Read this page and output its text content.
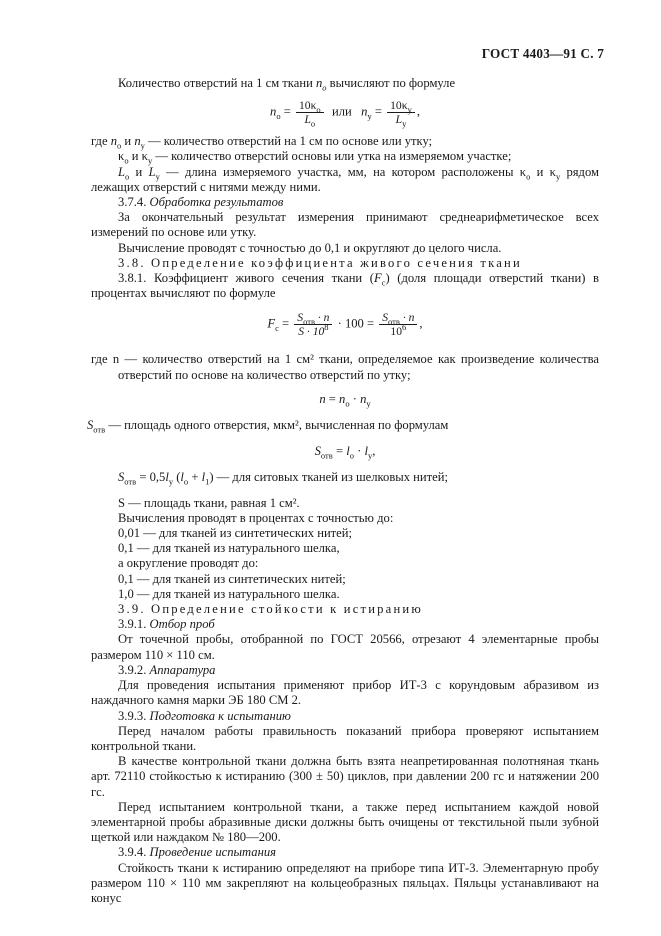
ГОСТ 4403—91 С. 7

Количество отверстий на 1 см ткани $n_о$ вычисляют по формуле

$n_о = \frac{10\kappa_о}{L_о}$ или $n_у = \frac{10\kappa_у}{L_у}$ ,

где $n_о$ и $n_у$ — количество отверстий на 1 см по основе или утку;

$\kappa_о$ и $\kappa_у$ — количество отверстий основы или утка на измеряемом участке;

$L_о$ и $L_у$ — длина измеряемого участка, мм, на котором расположены $\kappa_о$ и $\kappa_у$ рядом лежащих отверстий с нитями между ними.

3.7.4. Обработка результатов

За окончательный результат измерения принимают среднеарифметическое всех измерений по основе или утку.

Вычисление проводят с точностью до 0,1 и округляют до целого числа.

3.8. Определение коэффициента живого сечения ткани

3.8.1. Коэффициент живого сечения ткани $(F_с)$ (доля площади отверстий ткани) в процентах вычисляют по формуле

$F_с = \frac{S_{отв} \cdot n}{S \cdot 10^8} \cdot 100 = \frac{S_{отв} \cdot n}{10^6}$ ,

где n — количество отверстий на 1 см² ткани, определяемое как произведение количества отверстий по основе на количество отверстий по утку;

$n = n_о \cdot n_у$

$S_{отв}$ — площадь одного отверстия, мкм², вычисленная по формулам

$S_{отв} = l_о \cdot l_у$,

$S_{отв} = 0,5l_у$ $(l_о + l_1)$ — для ситовых тканей из шелковых нитей;

S — площадь ткани, равная 1 см².

Вычисления проводят в процентах с точностью до:

0,01 — для тканей из синтетических нитей;

0,1 — для тканей из натурального шелка,

а округление проводят до:

0,1 — для тканей из синтетических нитей;

1,0 — для тканей из натурального шелка.

3.9. Определение стойкости к истиранию

3.9.1. Отбор проб

От точечной пробы, отобранной по ГОСТ 20566, отрезают 4 элементарные пробы размером 110 × 110 см.

3.9.2. Аппаратура

Для проведения испытания применяют прибор ИТ-3 с корундовым абразивом из наждачного камня марки ЭБ 180 СМ 2.

3.9.3. Подготовка к испытанию

Перед началом работы правильность показаний прибора проверяют испытанием контрольной ткани.

В качестве контрольной ткани должна быть взята неапретированная полотняная ткань арт. 72110 стойкостью к истиранию (300 ± 50) циклов, при давлении 200 гс и натяжении 200 гс.

Перед испытанием контрольной ткани, а также перед испытанием каждой новой элементарной пробы абразивные диски должны быть очищены от текстильной пыли зубной щеткой или наждаком № 180—200.

3.9.4. Проведение испытания

Стойкость ткани к истиранию определяют на приборе типа ИТ-3. Элементарную пробу размером 110 × 110 мм закрепляют на кольцеобразных пяльцах. Пяльцы устанавливают на конус
